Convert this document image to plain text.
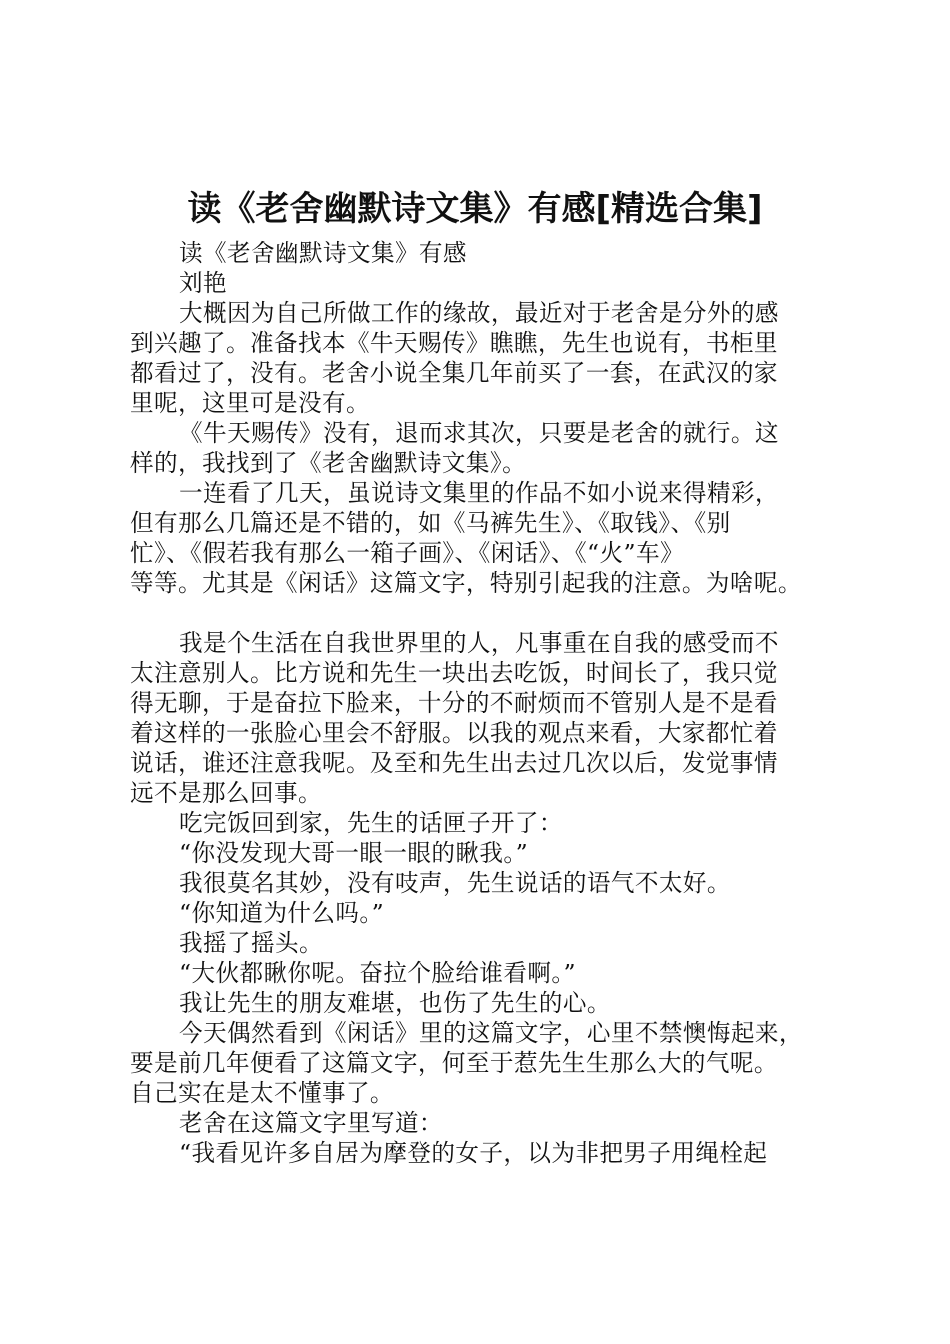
读《老舍幽默诗文集》有感[精选合集]
读《老舍幽默诗文集》有感
刘艳
大概因为自己所做工作的缘故，最近对于老舍是分外的感
到兴趣了。准备找本《牛天赐传》瞧瞧，先生也说有，书柜里
都看过了，没有。老舍小说全集几年前买了一套，在武汉的家
里呢，这里可是没有。
《牛天赐传》没有，退而求其次，只要是老舍的就行。这
样的，我找到了《老舍幽默诗文集》。
一连看了几天，虽说诗文集里的作品不如小说来得精彩，
但有那么几篇还是不错的，如《马裤先生》、《取钱》、《别
忙》、《假若我有那么一箱子画》、《闲话》、《“火”车》
等等。尤其是《闲话》这篇文字，特别引起我的注意。为啥呢。
我是个生活在自我世界里的人，凡事重在自我的感受而不
太注意别人。比方说和先生一块出去吃饭，时间长了，我只觉
得无聊，于是奋拉下脸来，十分的不耐烦而不管别人是不是看
着这样的一张脸心里会不舒服。以我的观点来看，大家都忙着
说话，谁还注意我呢。及至和先生出去过几次以后，发觉事情
远不是那么回事。
吃完饭回到家，先生的话匣子开了：
“你没发现大哥一眼一眼的瞅我。”
我很莫名其妙，没有吱声，先生说话的语气不太好。
“你知道为什么吗。”
我摇了摇头。
“大伙都瞅你呢。奋拉个脸给谁看啊。”
我让先生的朋友难堪，也伤了先生的心。
今天偶然看到《闲话》里的这篇文字，心里不禁懊悔起来，
要是前几年便看了这篇文字，何至于惹先生生那么大的气呢。
自己实在是太不懂事了。
老舍在这篇文字里写道：
“我看见许多自居为摩登的女子，以为非把男子用绳栓起
